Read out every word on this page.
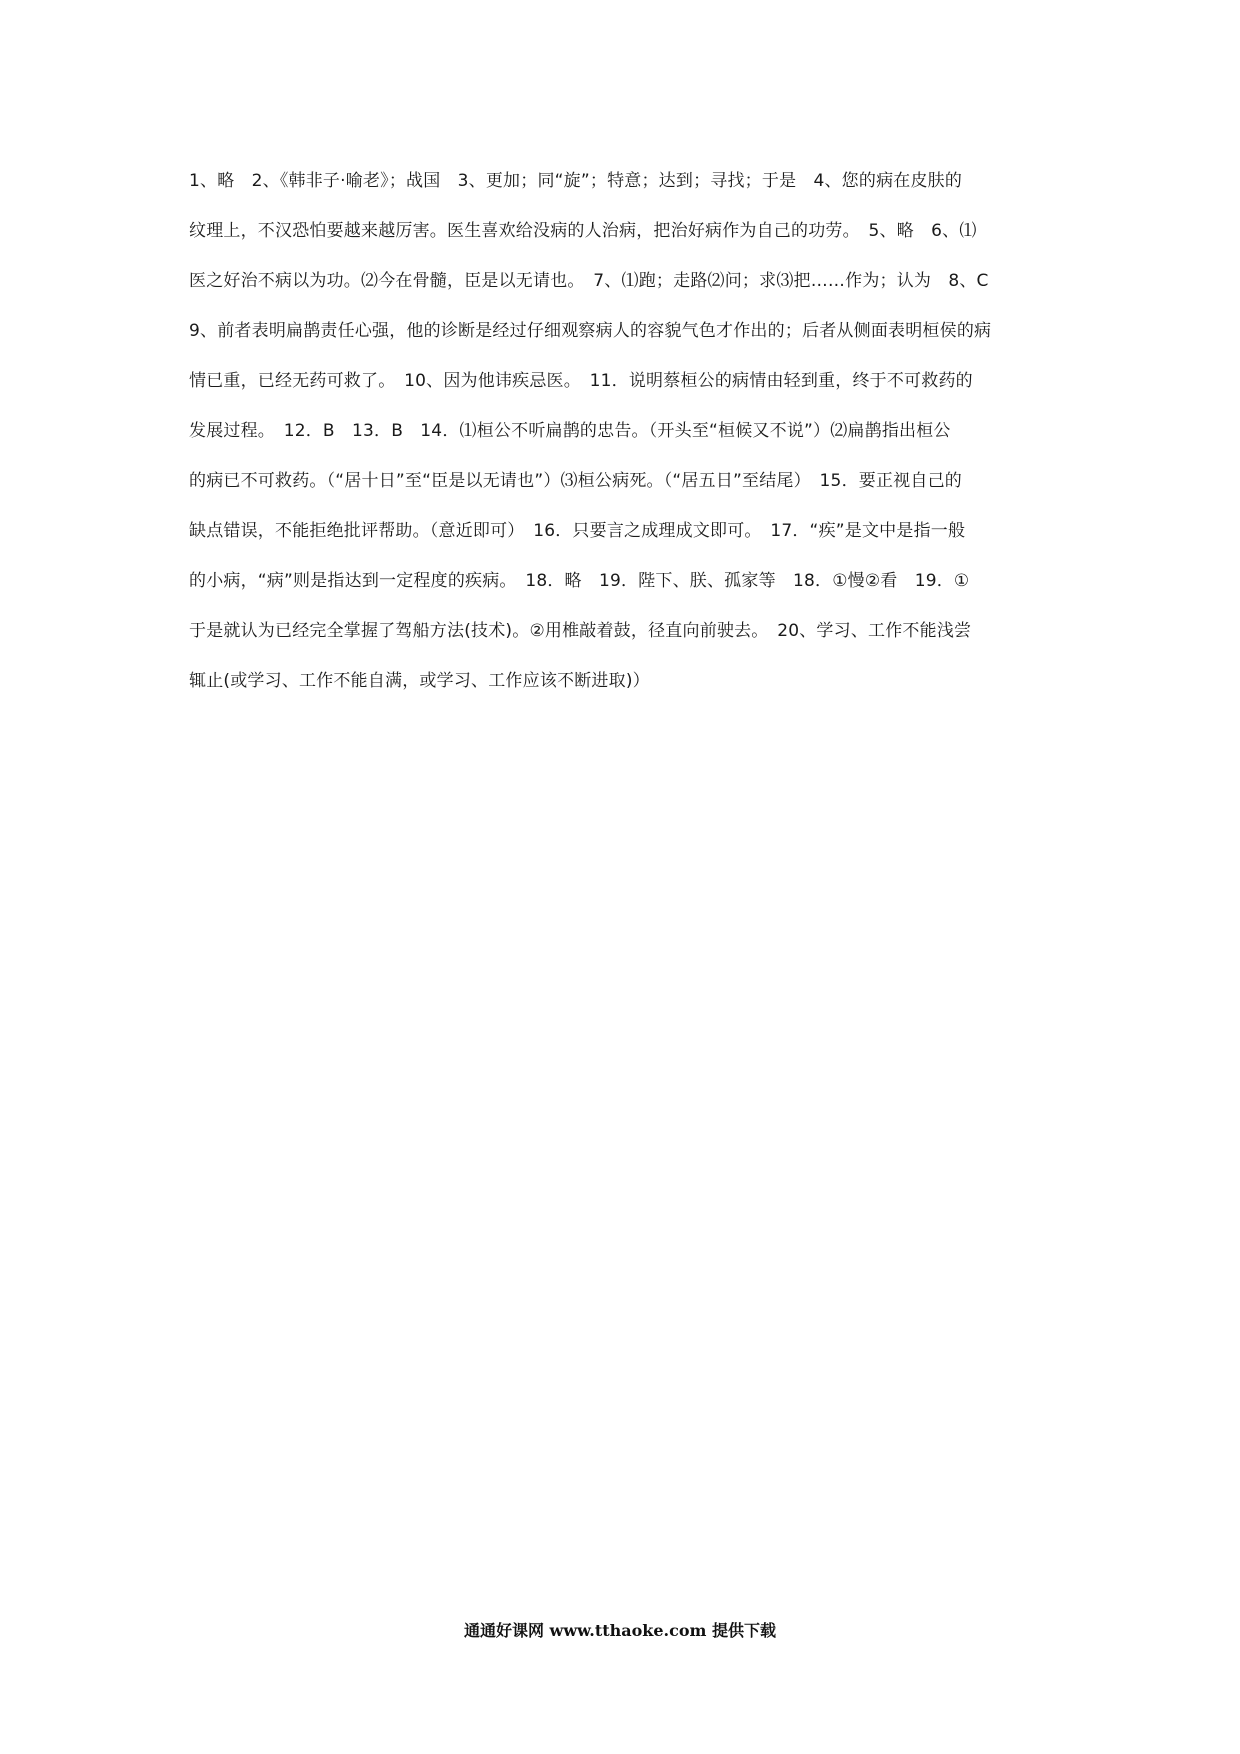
1、略　2、《韩非子·喻老》；战国　3、更加；同“旋”；特意；达到；寻找；于是　4、您的病在皮肤的
纹理上，不汉恐怕要越来越厉害。医生喜欢给没病的人治病，把治好病作为自己的功劳。　5、略　6、⑴
医之好治不病以为功。⑵今在骨髓，臣是以无请也。　7、⑴跑；走路⑵问；求⑶把……作为；认为　8、C
9、前者表明扁鹊责任心强，他的诊断是经过仔细观察病人的容貌气色才作出的；后者从侧面表明桓侯的病
情已重，已经无药可救了。　10、因为他讳疾忌医。　11．说明蔡桓公的病情由轻到重，终于不可救药的
发展过程。　12．B　13．B　14．⑴桓公不听扁鹊的忠告。（开头至“桓候又不说”）⑵扁鹊指出桓公
的病已不可救药。（“居十日”至“臣是以无请也”）⑶桓公病死。（“居五日”至结尾）　15．要正视自己的
缺点错误，不能拒绝批评帮助。（意近即可）　16．只要言之成理成文即可。　17．“疾”是文中是指一般
的小病，“病”则是指达到一定程度的疾病。　18．略　19．陛下、朕、孤家等　18．①慢②看　19．①
于是就认为已经完全掌握了驾船方法(技术)。②用椎敲着鼓，径直向前驶去。　20、学习、工作不能浅尝
辄止(或学习、工作不能自满，或学习、工作应该不断进取)）
通通好课网 www.tthaoke.com 提供下载
